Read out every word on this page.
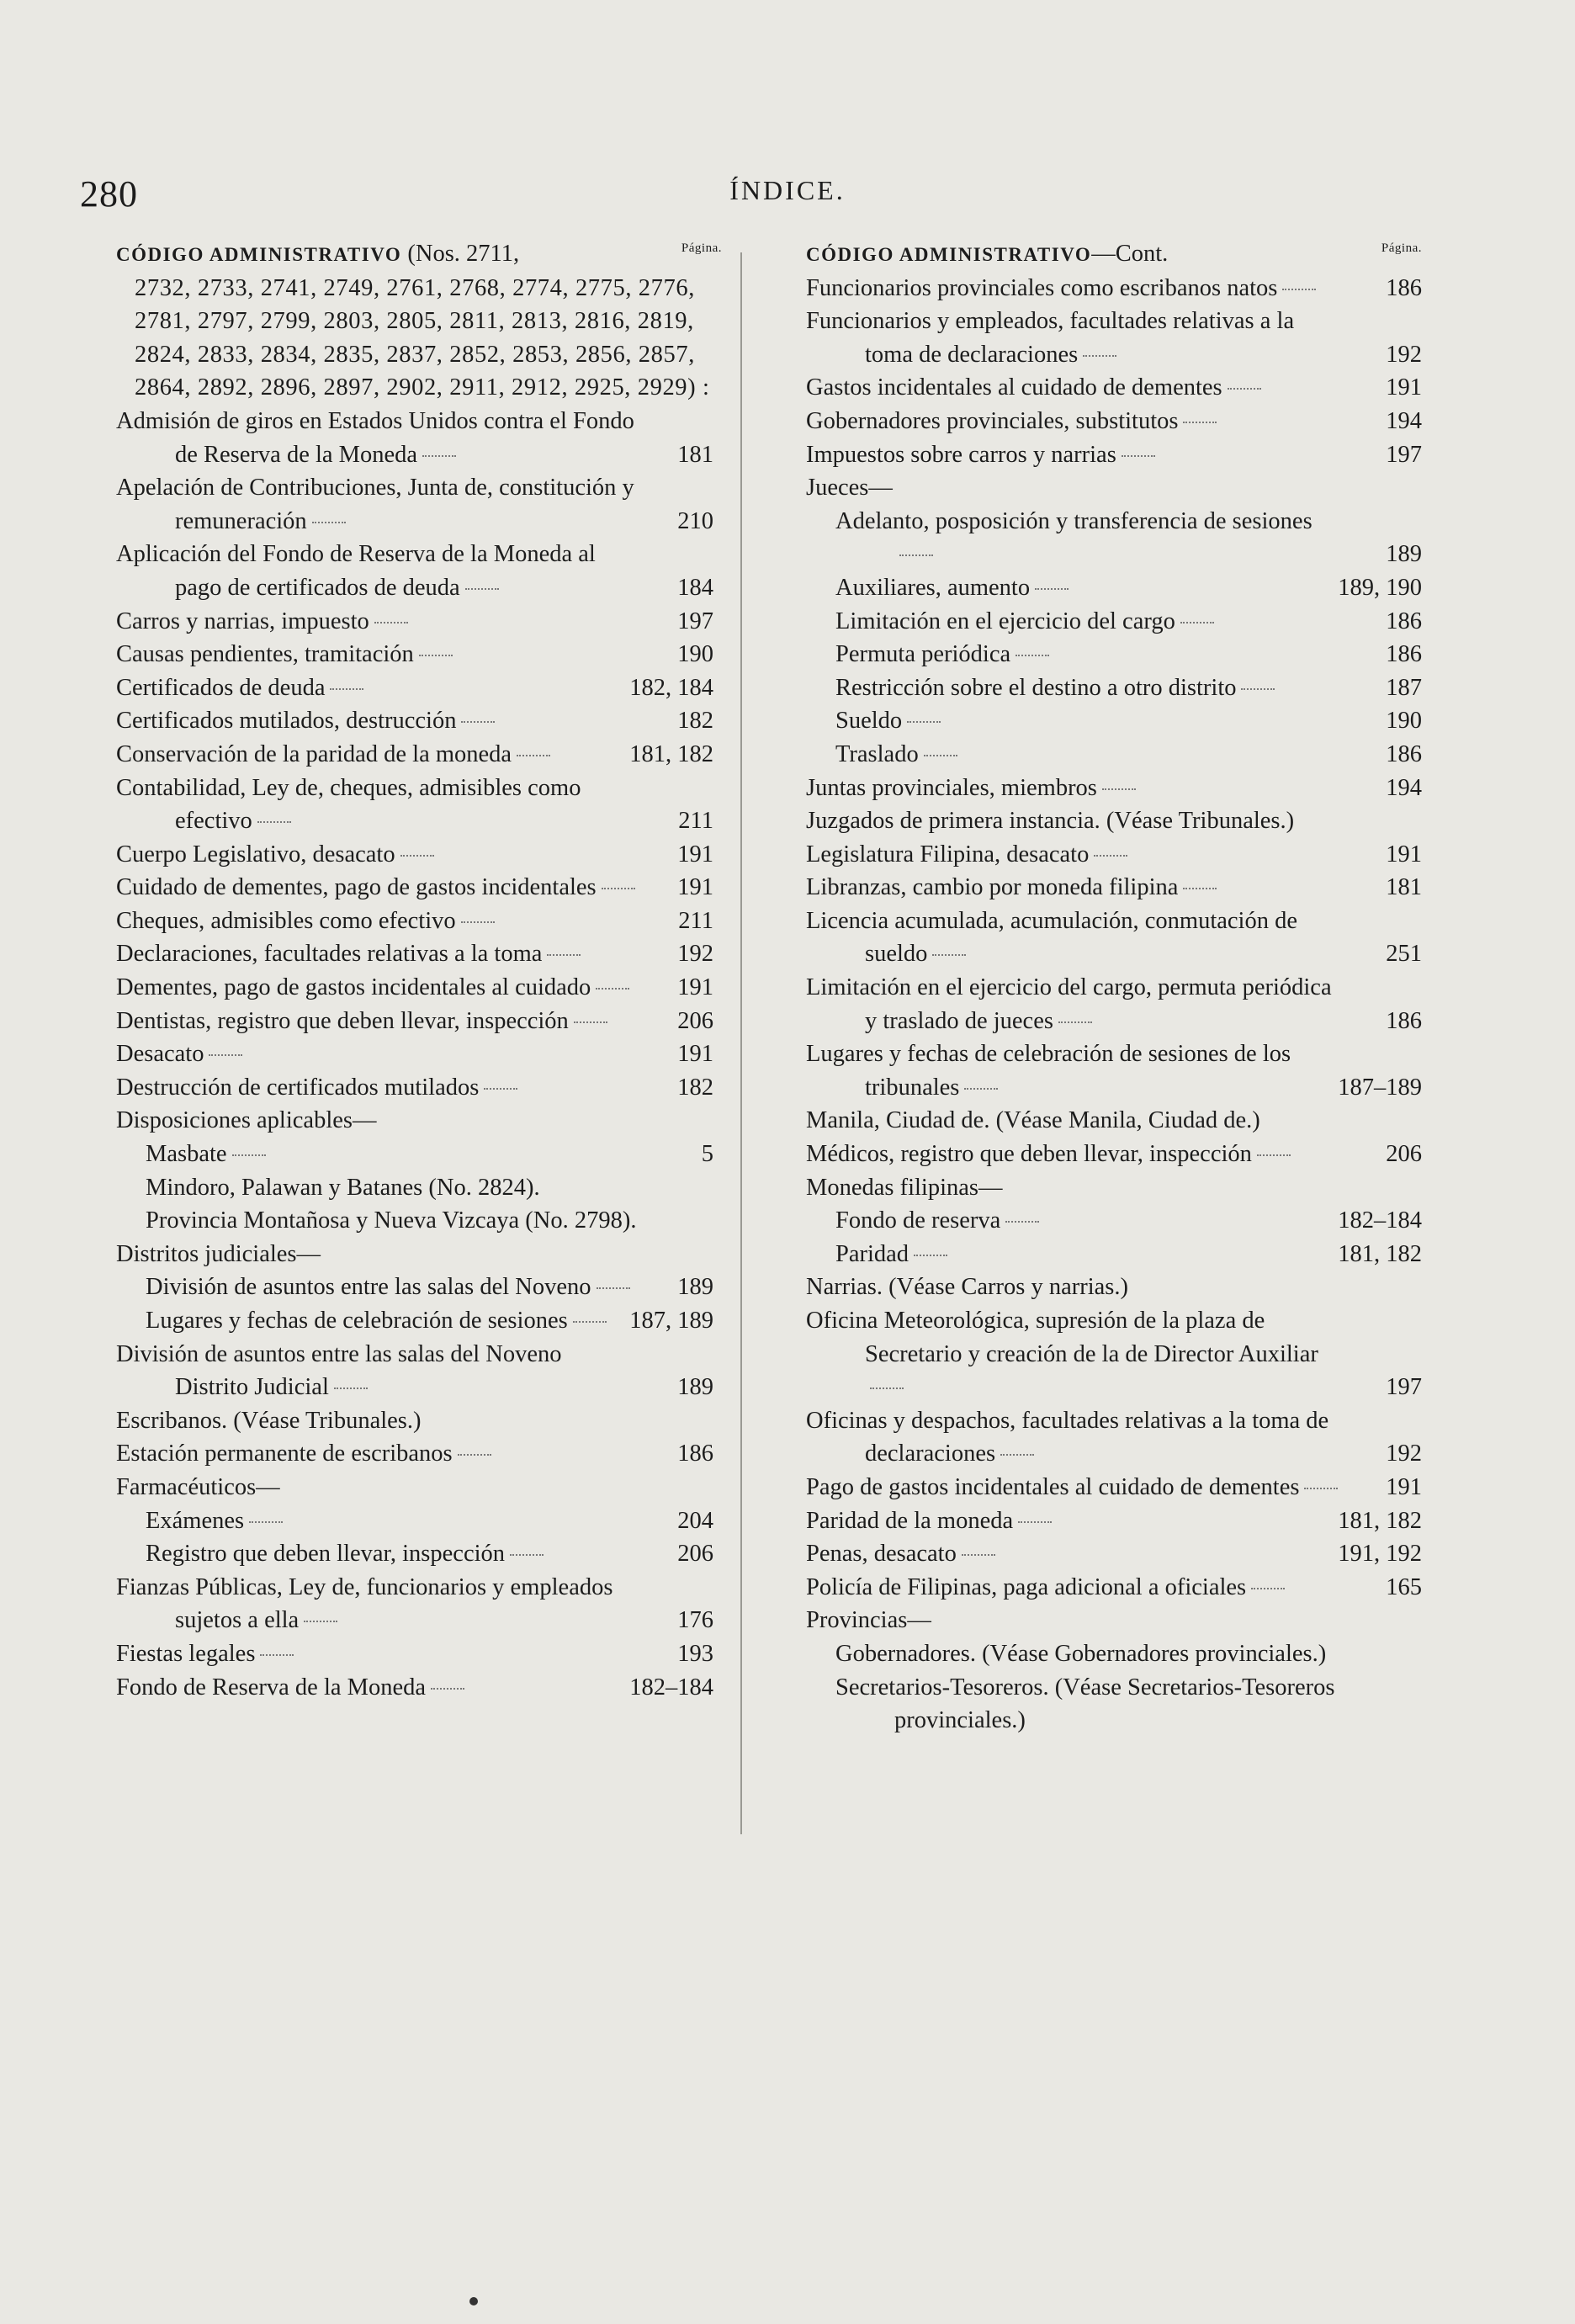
280	ÍNDICE.
CÓDIGO ADMINISTRATIVO (Nos. 2711,	Página.
2732, 2733, 2741, 2749, 2761, 2768, 2774, 2775, 2776, 2781, 2797, 2799, 2803, 2805, 2811, 2813, 2816, 2819, 2824, 2833, 2834, 2835, 2837, 2852, 2853, 2856, 2857, 2864, 2892, 2896, 2897, 2902, 2911, 2912, 2925, 2929) :
Admisión de giros en Estados Unidos contra el Fondo de Reserva de la Moneda	181
Apelación de Contribuciones, Junta de, constitución y remuneración	210
Aplicación del Fondo de Reserva de la Moneda al pago de certificados de deuda	184
Carros y narrias, impuesto	197
Causas pendientes, tramitación	190
Certificados de deuda	182, 184
Certificados mutilados, destrucción	182
Conservación de la paridad de la moneda	181, 182
Contabilidad, Ley de, cheques, admisibles como efectivo	211
Cuerpo Legislativo, desacato	191
Cuidado de dementes, pago de gastos incidentales	191
Cheques, admisibles como efectivo	211
Declaraciones, facultades relativas a la toma	192
Dementes, pago de gastos incidentales al cuidado	191
Dentistas, registro que deben llevar, inspección	206
Desacato	191
Destrucción de certificados mutilados	182
Disposiciones aplicables—
Masbate	5
Mindoro, Palawan y Batanes (No. 2824).
Provincia Montañosa y Nueva Vizcaya (No. 2798).
Distritos judiciales—
División de asuntos entre las salas del Noveno	189
Lugares y fechas de celebración de sesiones	187, 189
División de asuntos entre las salas del Noveno Distrito Judicial	189
Escribanos. (Véase Tribunales.)
Estación permanente de escribanos	186
Farmacéuticos—
Exámenes	204
Registro que deben llevar, inspección	206
Fianzas Públicas, Ley de, funcionarios y empleados sujetos a ella	176
Fiestas legales	193
Fondo de Reserva de la Moneda	182–184
CÓDIGO ADMINISTRATIVO—Cont.	Página.
Funcionarios provinciales como escribanos natos	186
Funcionarios y empleados, facultades relativas a la toma de declaraciones	192
Gastos incidentales al cuidado de dementes	191
Gobernadores provinciales, substitutos	194
Impuestos sobre carros y narrias	197
Jueces—
Adelanto, posposición y transferencia de sesiones
189
Auxiliares, aumento	189, 190
Limitación en el ejercicio del cargo	186
Permuta periódica	186
Restricción sobre el destino a otro distrito	187
Sueldo	190
Traslado	186
Juntas provinciales, miembros	194
Juzgados de primera instancia. (Véase Tribunales.)
Legislatura Filipina, desacato	191
Libranzas, cambio por moneda filipina	181
Licencia acumulada, acumulación, conmutación de sueldo	251
Limitación en el ejercicio del cargo, permuta periódica y traslado de jueces	186
Lugares y fechas de celebración de sesiones de los tribunales	187–189
Manila, Ciudad de. (Véase Manila, Ciudad de.)
Médicos, registro que deben llevar, inspección	206
Monedas filipinas—
Fondo de reserva	182–184
Paridad	181, 182
Narrias. (Véase Carros y narrias.)
Oficina Meteorológica, supresión de la plaza de Secretario y creación de la de Director Auxiliar
197
Oficinas y despachos, facultades relativas a la toma de declaraciones	192
Pago de gastos incidentales al cuidado de dementes	191
Paridad de la moneda	181, 182
Penas, desacato	191, 192
Policía de Filipinas, paga adicional a oficiales	165
Provincias—
Gobernadores. (Véase Gobernadores provinciales.)
Secretarios-Tesoreros. (Véase Secretarios-Tesoreros provinciales.)
